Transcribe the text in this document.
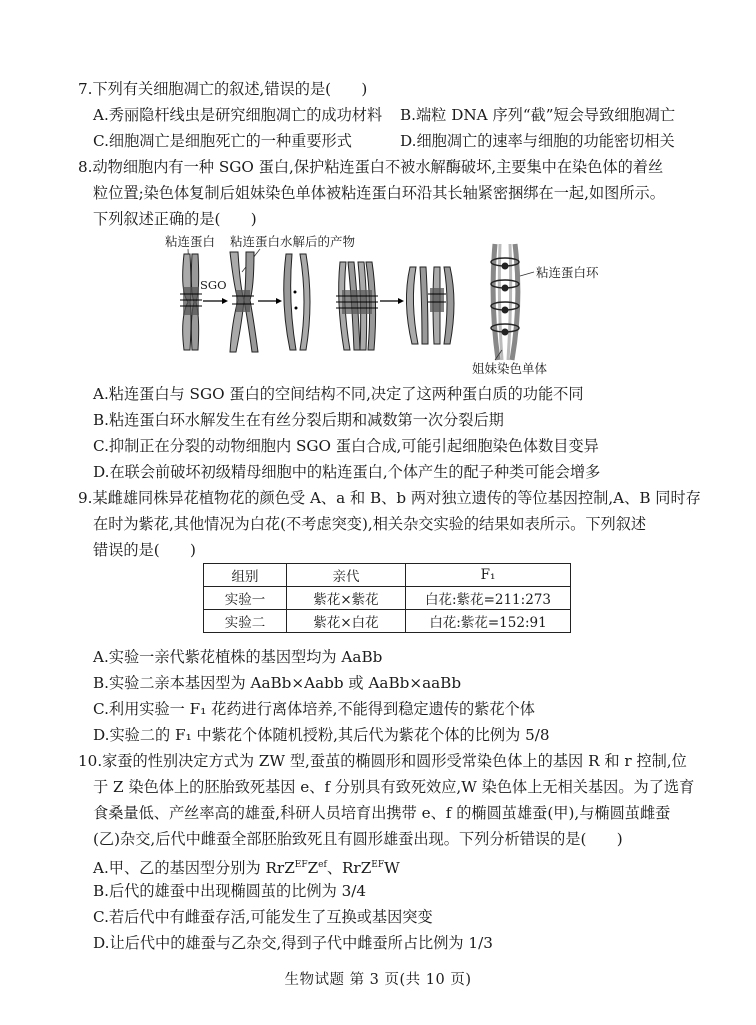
7.下列有关细胞凋亡的叙述,错误的是(　　)
A.秀丽隐杆线虫是研究细胞凋亡的成功材料 B.端粒 DNA 序列“截”短会导致细胞凋亡
C.细胞凋亡是细胞死亡的一种重要形式	D.细胞凋亡的速率与细胞的功能密切相关
8.动物细胞内有一种 SGO 蛋白,保护粘连蛋白不被水解酶破坏,主要集中在染色体的着丝
粒位置;染色体复制后姐妹染色单体被粘连蛋白环沿其长轴紧密捆绑在一起,如图所示。
下列叙述正确的是(　　)
粘连蛋白 粘连蛋白水解后的产物
SGO
粘连蛋白环
姐妹染色单体
A.粘连蛋白与 SGO 蛋白的空间结构不同,决定了这两种蛋白质的功能不同
B.粘连蛋白环水解发生在有丝分裂后期和减数第一次分裂后期
C.抑制正在分裂的动物细胞内 SGO 蛋白合成,可能引起细胞染色体数目变异
D.在联会前破坏初级精母细胞中的粘连蛋白,个体产生的配子种类可能会增多
9.某雌雄同株异花植物花的颜色受 A、a 和 B、b 两对独立遗传的等位基因控制,A、B 同时存
在时为紫花,其他情况为白花(不考虑突变),相关杂交实验的结果如表所示。下列叙述
错误的是(　　)
组别	亲代	F₁
实验一	紫花×紫花	白花:紫花=211:273
实验二	紫花×白花	白花:紫花=152:91
A.实验一亲代紫花植株的基因型均为 AaBb
B.实验二亲本基因型为 AaBb×Aabb 或 AaBb×aaBb
C.利用实验一 F₁ 花药进行离体培养,不能得到稳定遗传的紫花个体
D.实验二的 F₁ 中紫花个体随机授粉,其后代为紫花个体的比例为 5/8
10.家蚕的性别决定方式为 ZW 型,蚕茧的椭圆形和圆形受常染色体上的基因 R 和 r 控制,位
于 Z 染色体上的胚胎致死基因 e、f 分别具有致死效应,W 染色体上无相关基因。为了选育
食桑量低、产丝率高的雄蚕,科研人员培育出携带 e、f 的椭圆茧雄蚕(甲),与椭圆茧雌蚕
(乙)杂交,后代中雌蚕全部胚胎致死且有圆形雄蚕出现。下列分析错误的是(　　)
A.甲、乙的基因型分别为 $RrZ^{EF}Z^{ef}$、RrZ$^{EF}$W
B.后代的雄蚕中出现椭圆茧的比例为 3/4
C.若后代中有雌蚕存活,可能发生了互换或基因突变
D.让后代中的雄蚕与乙杂交,得到子代中雌蚕所占比例为 1/3
生物试题 第 3 页(共 10 页)
